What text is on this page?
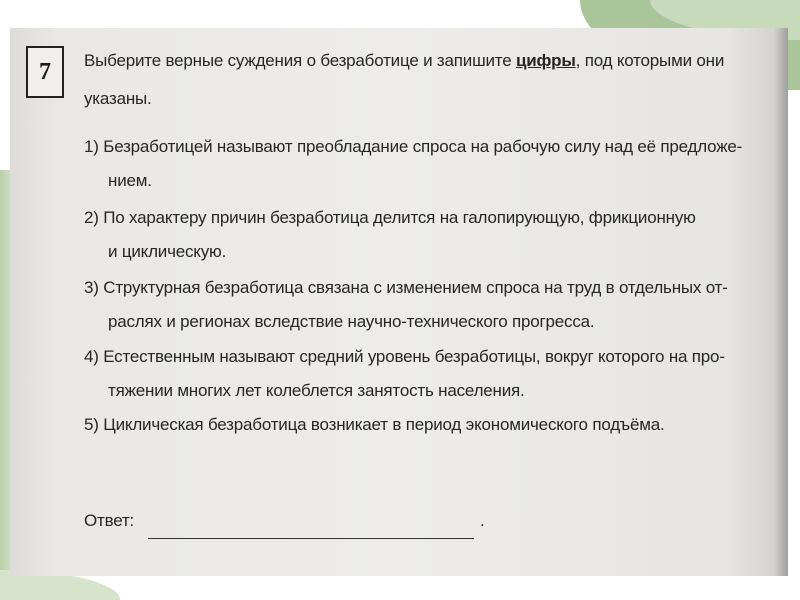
7	Выберите верные суждения о безработице и запишите цифры, под которыми они
указаны.
1) Безработицей называют преобладание спроса на рабочую силу над её предложе-
нием.
2) По характеру причин безработица делится на галопирующую, фрикционную
и циклическую.
3) Структурная безработица связана с изменением спроса на труд в отдельных от-
раслях и регионах вследствие научно-технического прогресса.
4) Естественным называют средний уровень безработицы, вокруг которого на про-
тяжении многих лет колеблется занятость населения.
5) Циклическая безработица возникает в период экономического подъёма.
Ответ:	.
